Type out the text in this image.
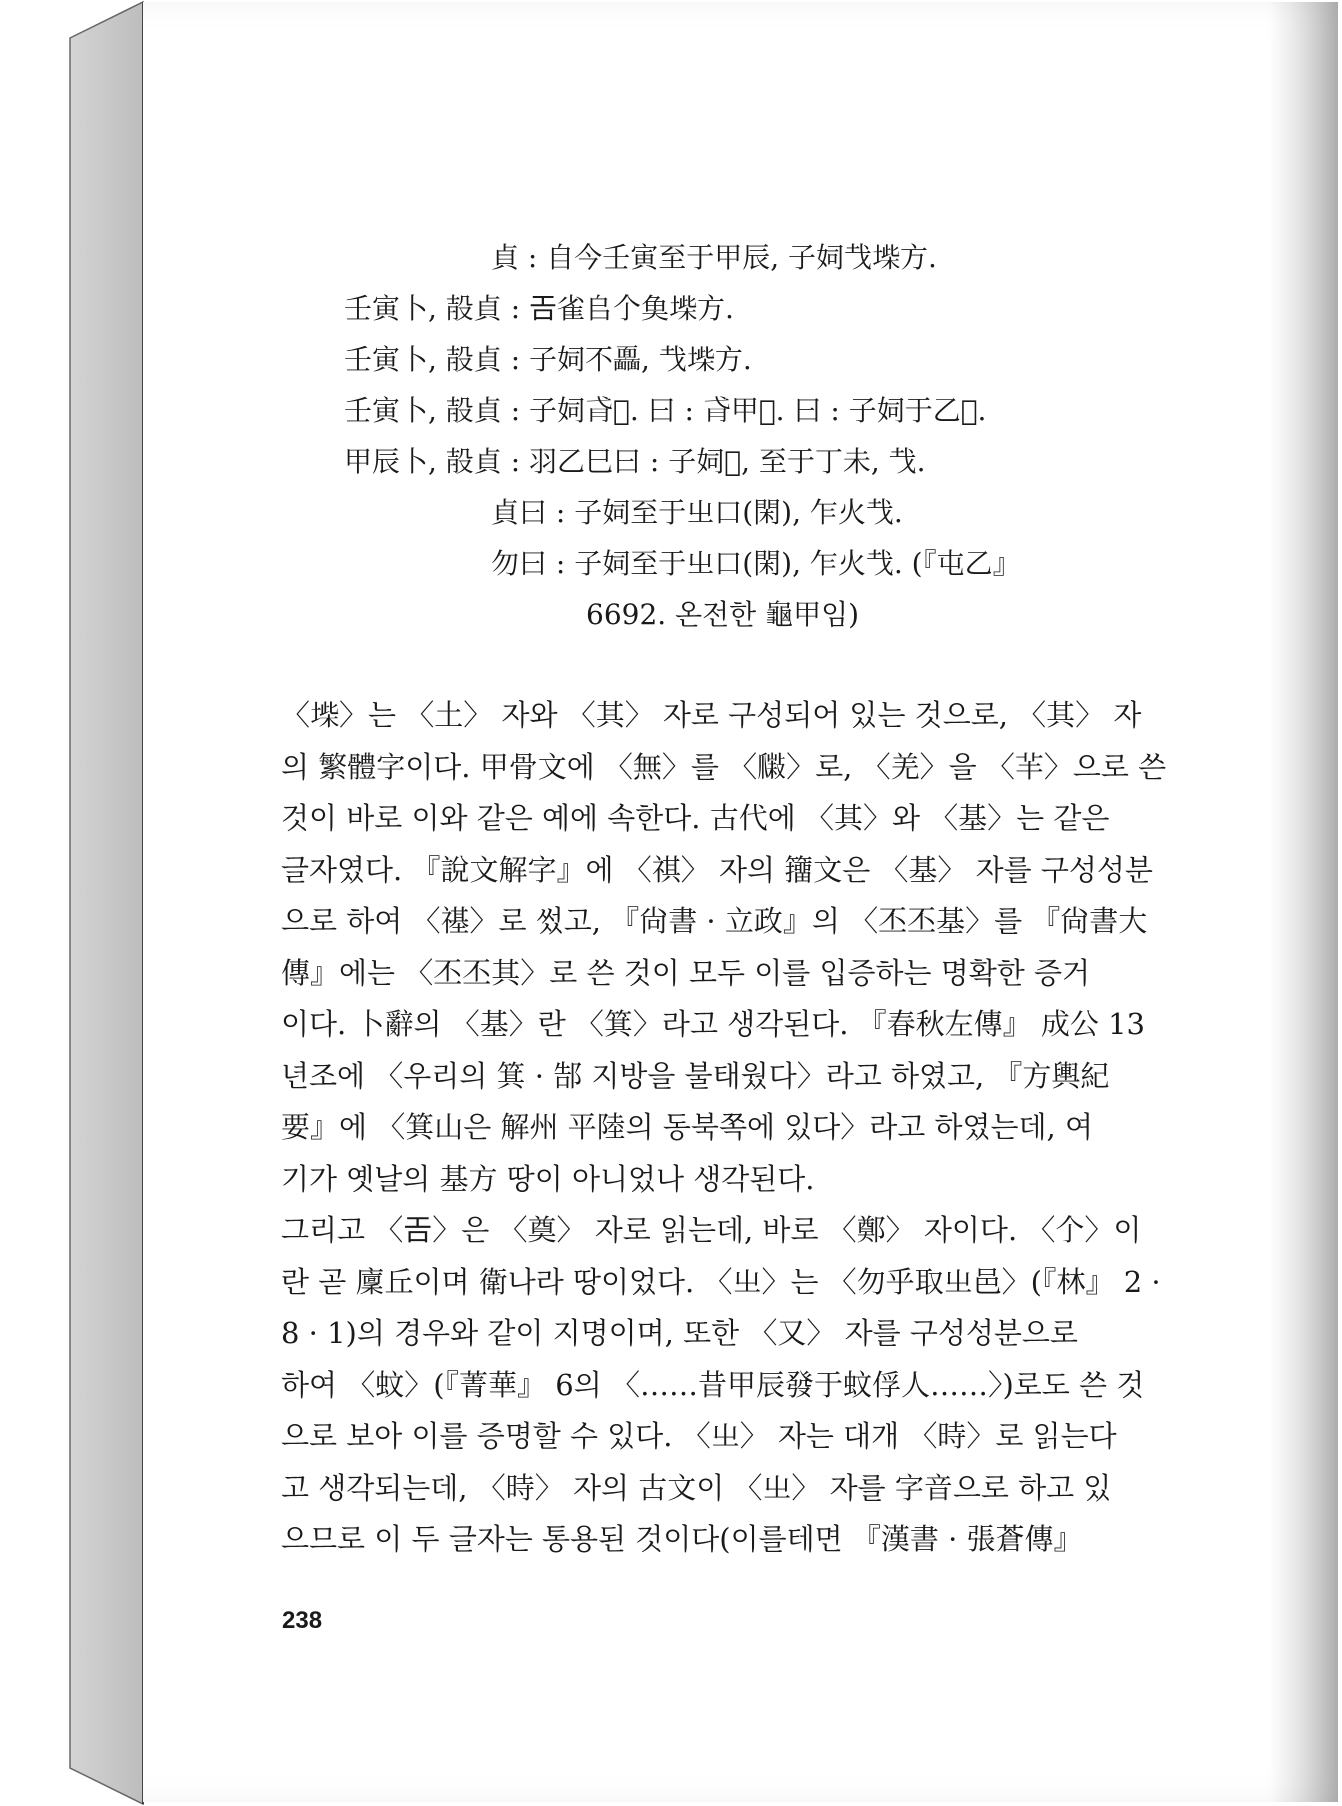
貞 : 自今壬寅至于甲辰, 子㚸𢦏𡍥方.
壬寅卜, 㱿貞 : 𢀛雀𠂤𠆤𩵋𡍥方.
壬寅卜, 㱿貞 : 子㚸不𩉖, 𢦏𡍥方.
壬寅卜, 㱿貞 : 子㚸𢎀𦎫. 曰 : 𢎀甲𦎫. 曰 : 子㚸于乙𦎫.
甲辰卜, 㱿貞 : 羽乙巳曰 : 子㚸𦎫, 至于丁未, 𢦏.
貞曰 : 子㚸至于㞢口(閑), 乍火𢦏.
勿曰 : 子㚸至于㞢口(閑), 乍火𢦏. (『屯乙』
6692. 온전한 龜甲임)
〈𡍥〉는 〈土〉 자와 〈其〉 자로 구성되어 있는 것으로, 〈其〉 자
의 繁體字이다. 甲骨文에 〈無〉를 〈𤔮〉로, 〈羌〉을 〈𦍋〉으로 쓴
것이 바로 이와 같은 예에 속한다. 古代에 〈其〉와 〈基〉는 같은
글자였다. 『說文解字』에 〈祺〉 자의 籒文은 〈基〉 자를 구성성분
으로 하여 〈禥〉로 썼고, 『尙書 · 立政』의 〈丕丕基〉를 『尙書大
傳』에는 〈丕丕其〉로 쓴 것이 모두 이를 입증하는 명확한 증거
이다. 卜辭의 〈基〉란 〈箕〉라고 생각된다. 『春秋左傳』 成公 13
년조에 〈우리의 箕 · 郜 지방을 불태웠다〉라고 하였고, 『方輿紀
要』에 〈箕山은 解州 平陸의 동북쪽에 있다〉라고 하였는데, 여
기가 옛날의 基方 땅이 아니었나 생각된다.
그리고 〈𢀛〉은 〈奠〉 자로 읽는데, 바로 〈鄭〉 자이다. 〈𠆤〉이
란 곧 廩丘이며 衛나라 땅이었다. 〈㞢〉는 〈勿乎取㞢邑〉(『林』 2 ·
8 · 1)의 경우와 같이 지명이며, 또한 〈又〉 자를 구성성분으로
하여 〈蚊〉(『菁華』 6의 〈……昔甲辰發于蚊俘人……〉)로도 쓴 것
으로 보아 이를 증명할 수 있다. 〈㞢〉 자는 대개 〈時〉로 읽는다
고 생각되는데, 〈時〉 자의 古文이 〈㞢〉 자를 字音으로 하고 있
으므로 이 두 글자는 통용된 것이다(이를테면 『漢書 · 張蒼傳』
238
